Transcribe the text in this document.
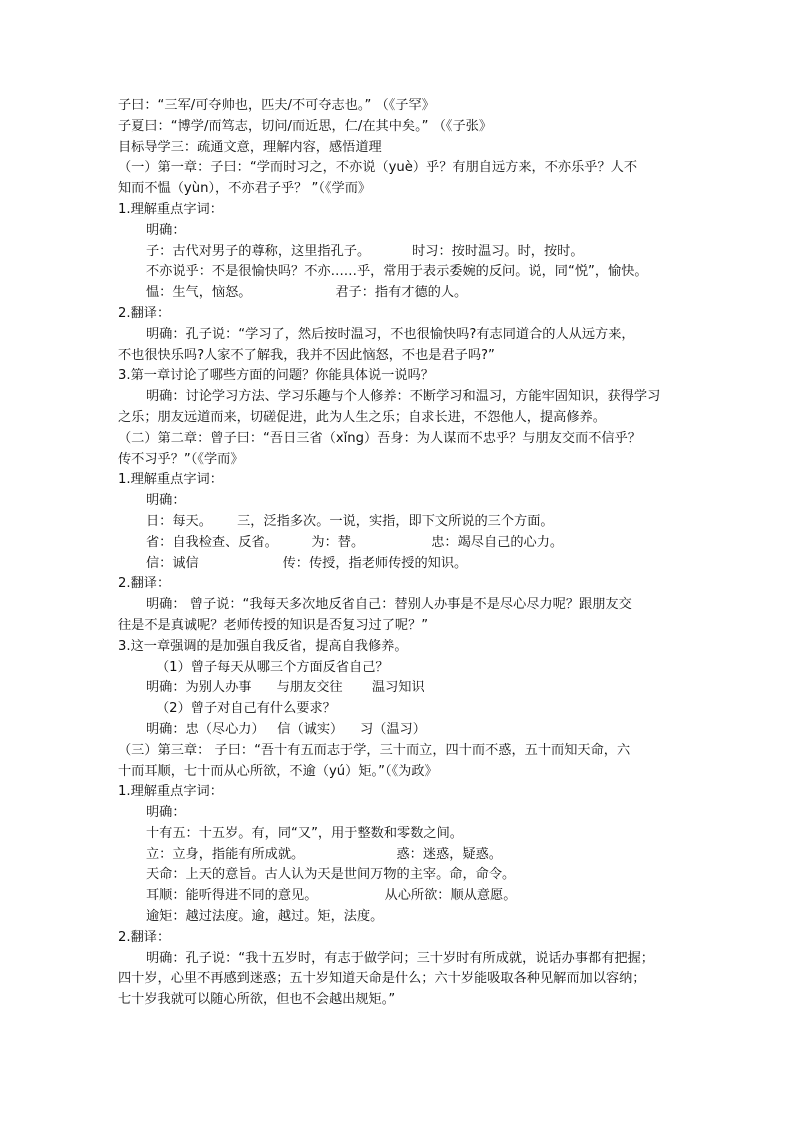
子曰：“三军/可夺帅也，匹夫/不可夺志也。” （《子罕》
子夏曰：“博学/而笃志，切问/而近思，仁/在其中矣。” （《子张》
目标导学三：疏通文意，理解内容，感悟道理
（一）第一章：子曰：“学而时习之，不亦说（yuè）乎？有朋自远方来，不亦乐乎？人不
知而不愠（yùn），不亦君子乎？ ”（《学而》
1.理解重点字词：
明确：
子：古代对男子的尊称，这里指孔子。          时习：按时温习。时，按时。
不亦说乎：不是很愉快吗？不亦……乎，常用于表示委婉的反问。说，同“悦”，愉快。
愠：生气，恼怒。                    君子：指有才德的人。
2.翻译：
明确：孔子说：“学习了，然后按时温习，不也很愉快吗?有志同道合的人从远方来，
不也很快乐吗?人家不了解我，我并不因此恼怒，不也是君子吗?”
3.第一章讨论了哪些方面的问题？你能具体说一说吗？
明确：讨论学习方法、学习乐趣与个人修养：不断学习和温习，方能牢固知识，获得学习
之乐；朋友远道而来，切磋促进，此为人生之乐；自求长进，不怨他人，提高修养。
（二）第二章：曾子曰：“吾日三省（xǐng）吾身：为人谋而不忠乎？与朋友交而不信乎？
传不习乎？”（《学而》
1.理解重点字词：
明确：
日：每天。      三，泛指多次。一说，实指，即下文所说的三个方面。
省：自我检查、反省。        为：替。                忠：竭尽自己的心力。
信：诚信                    传：传授，指老师传授的知识。
2.翻译：
明确： 曾子说：“我每天多次地反省自己：替别人办事是不是尽心尽力呢？跟朋友交
往是不是真诚呢？老师传授的知识是否复习过了呢？”
3.这一章强调的是加强自我反省，提高自我修养。
（1）曾子每天从哪三个方面反省自己？
明确：为别人办事      与朋友交往       温习知识
（2）曾子对自己有什么要求？
明确：忠（尽心力）   信（诚实）    习（温习）
（三）第三章： 子曰：“吾十有五而志于学，三十而立，四十而不惑，五十而知天命，六
十而耳顺，七十而从心所欲，不逾（yú）矩。”（《为政》
1.理解重点字词：
明确：
十有五：十五岁。有，同“又”，用于整数和零数之间。
立：立身，指能有所成就。                      惑：迷惑，疑惑。
天命：上天的意旨。古人认为天是世间万物的主宰。命，命令。
耳顺：能听得进不同的意见。                从心所欲：顺从意愿。
逾矩：越过法度。逾，越过。矩，法度。
2.翻译：
明确：孔子说：“我十五岁时，有志于做学问；三十岁时有所成就，说话办事都有把握；
四十岁，心里不再感到迷惑；五十岁知道天命是什么；六十岁能吸取各种见解而加以容纳；
七十岁我就可以随心所欲，但也不会越出规矩。”
